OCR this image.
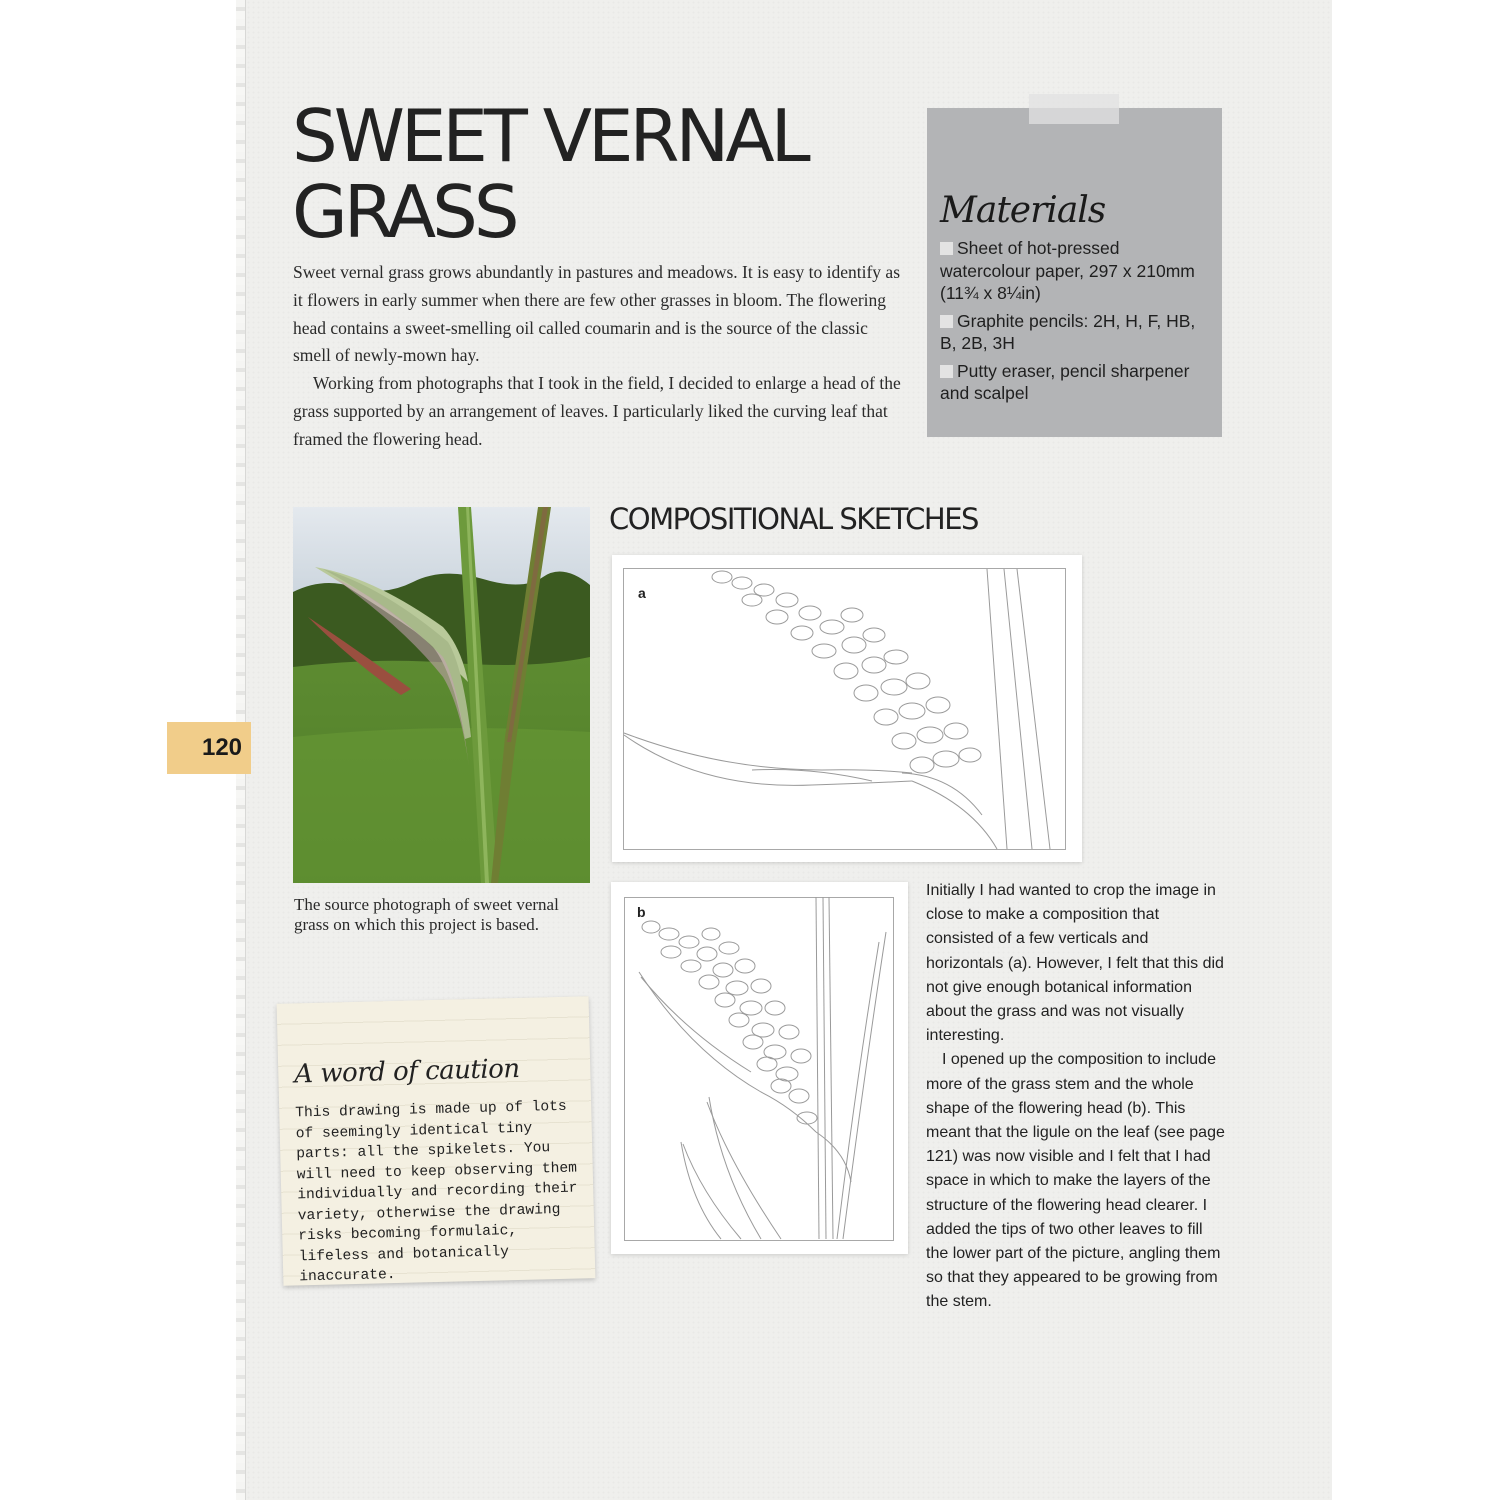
120
SWEET VERNAL
GRASS

Sweet vernal grass grows abundantly in pastures and meadows. It is easy to identify as it flowers in early summer when there are few other grasses in bloom. The flowering head contains a sweet-smelling oil called coumarin and is the source of the classic smell of newly-mown hay.

Working from photographs that I took in the field, I decided to enlarge a head of the grass supported by an arrangement of leaves. I particularly liked the curving leaf that framed the flowering head.

Materials
Sheet of hot-pressed watercolour paper, 297 x 210mm (11¾ x 8¼in)
Graphite pencils: 2H, H, F, HB, B, 2B, 3H
Putty eraser, pencil sharpener and scalpel
The source photograph of sweet vernal grass on which this project is based.
COMPOSITIONAL SKETCHES
a
b

Initially I had wanted to crop the image in close to make a composition that consisted of a few verticals and horizontals (a). However, I felt that this did not give enough botanical information about the grass and was not visually interesting.

I opened up the composition to include more of the grass stem and the whole shape of the flowering head (b). This meant that the ligule on the leaf (see page 121) was now visible and I felt that I had space in which to make the layers of the structure of the flowering head clearer. I added the tips of two other leaves to fill the lower part of the picture, angling them so that they appeared to be growing from the stem.

A word of caution

This drawing is made up of lots of seemingly identical tiny parts: all the spikelets. You will need to keep observing them individually and recording their variety, otherwise the drawing risks becoming formulaic, lifeless and botanically inaccurate.
